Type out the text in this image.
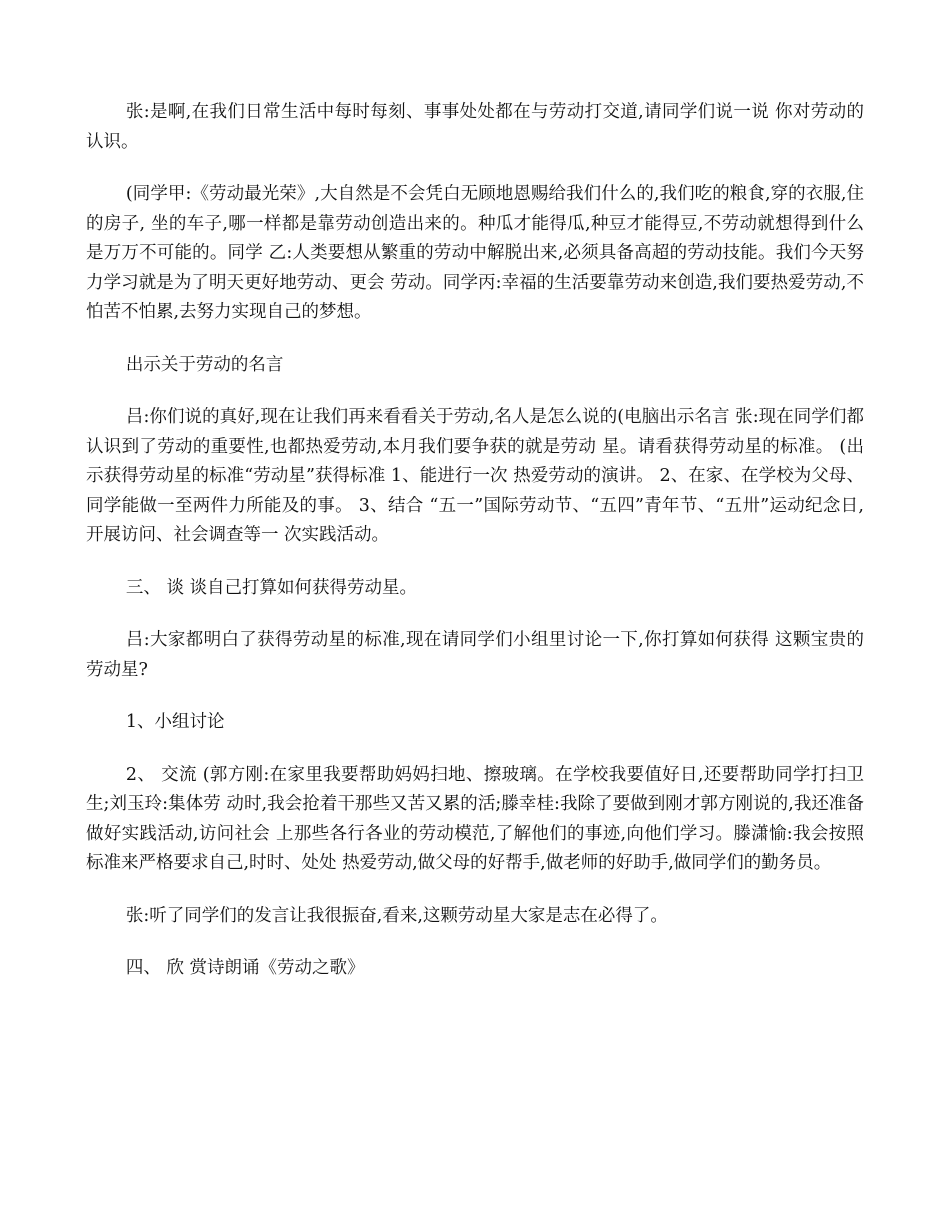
张:是啊,在我们日常生活中每时每刻、事事处处都在与劳动打交道,请同学们说一说 你对劳动的认识。

(同学甲:《劳动最光荣》,大自然是不会凭白无顾地恩赐给我们什么的,我们吃的粮食,穿的衣服,住的房子, 坐的车子,哪一样都是靠劳动创造出来的。种瓜才能得瓜,种豆才能得豆,不劳动就想得到什么是万万不可能的。同学 乙:人类要想从繁重的劳动中解脱出来,必须具备高超的劳动技能。我们今天努力学习就是为了明天更好地劳动、更会 劳动。同学丙:幸福的生活要靠劳动来创造,我们要热爱劳动,不怕苦不怕累,去努力实现自己的梦想。

出示关于劳动的名言

吕:你们说的真好,现在让我们再来看看关于劳动,名人是怎么说的(电脑出示名言 张:现在同学们都认识到了劳动的重要性,也都热爱劳动,本月我们要争获的就是劳动 星。请看获得劳动星的标准。 (出示获得劳动星的标准“劳动星”获得标准 1、能进行一次 热爱劳动的演讲。 2、在家、在学校为父母、同学能做一至两件力所能及的事。 3、结合 “五一”国际劳动节、“五四”青年节、“五卅”运动纪念日,开展访问、社会调查等一 次实践活动。

三、 谈 谈自己打算如何获得劳动星。

吕:大家都明白了获得劳动星的标准,现在请同学们小组里讨论一下,你打算如何获得 这颗宝贵的劳动星?

1、小组讨论

2、 交流 (郭方刚:在家里我要帮助妈妈扫地、擦玻璃。在学校我要值好日,还要帮助同学打扫卫生;刘玉玲:集体劳 动时,我会抢着干那些又苦又累的活;滕幸桂:我除了要做到刚才郭方刚说的,我还准备做好实践活动,访问社会 上那些各行各业的劳动模范,了解他们的事迹,向他们学习。滕潇愉:我会按照标准来严格要求自己,时时、处处 热爱劳动,做父母的好帮手,做老师的好助手,做同学们的勤务员。

张:听了同学们的发言让我很振奋,看来,这颗劳动星大家是志在必得了。

四、 欣 赏诗朗诵《劳动之歌》
